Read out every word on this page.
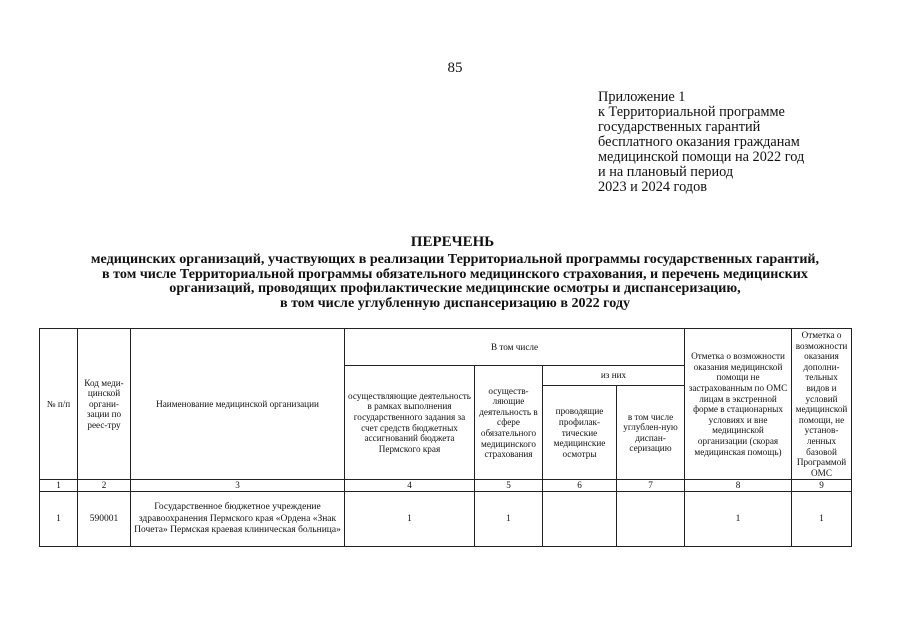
85
Приложение 1
к Территориальной программе
государственных гарантий
бесплатного оказания гражданам
медицинской помощи на 2022 год
и на плановый период
2023 и 2024 годов
ПЕРЕЧЕНЬ
медицинских организаций, участвующих в реализации Территориальной программы государственных гарантий,
в том числе Территориальной программы обязательного медицинского страхования, и перечень медицинских
организаций, проводящих профилактические медицинские осмотры и диспансеризацию,
в том числе углубленную диспансеризацию в 2022 году
№ п/п	Код меди-цинской органи-зации по реес-тру	Наименование медицинской организации	В том числе				Отметка о возможности оказания медицинской помощи не застрахованным по ОМС лицам в экстренной форме в стационарных условиях и вне медицинской организации (скорая медицинская помощь)	Отметка о возможности оказания дополни-тельных видов и условий медицинской помощи, не установ-ленных базовой Программой ОМС
			осуществляющие деятельность в рамках выполнения государственного задания за счет средств бюджетных ассигнований бюджета Пермского края	осуществ-ляющие деятельность в сфере обязательного медицинского страхования	из них			
					проводящие профилак-тические медицинские осмотры	в том числе углублен-ную диспан-серизацию		
1	2	3	4	5	6	7	8	9
1	590001	Государственное бюджетное учреждение здравоохранения Пермского края «Ордена «Знак Почета» Пермская краевая клиническая больница»	1	1			1	1
